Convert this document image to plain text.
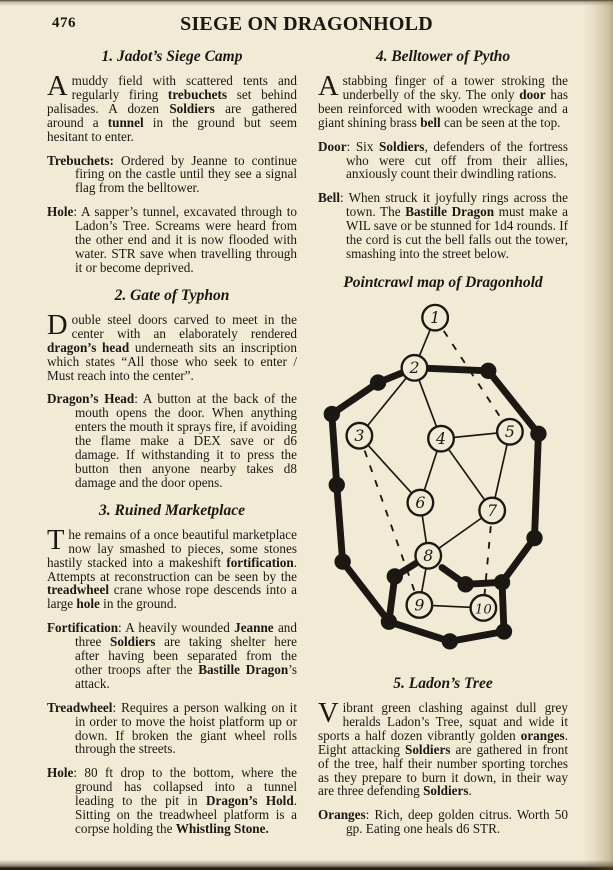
476	SIEGE ON DRAGONHOLD
1. Jadot’s Siege Camp

Amuddy field with scattered tents and regularly firing trebuchets set behind palisades. A dozen Soldiers are gathered around a tunnel in the ground but seem hesitant to enter.

Trebuchets: Ordered by Jeanne to continue firing on the castle until they see a signal flag from the belltower.

Hole: A sapper’s tunnel, excavated through to Ladon’s Tree. Screams were heard from the other end and it is now flooded with water. STR save when travelling through it or become deprived.

2. Gate of Typhon

Double steel doors carved to meet in the center with an elaborately rendered dragon’s head underneath sits an inscription which states “All those who seek to enter / Must reach into the center”.

Dragon’s Head: A button at the back of the mouth opens the door. When anything enters the mouth it sprays fire, if avoiding the flame make a DEX save or d6 damage. If withstanding it to press the button then anyone nearby takes d8 damage and the door opens.

3. Ruined Marketplace

The remains of a once beautiful marketplace now lay smashed to pieces, some stones hastily stacked into a makeshift fortification. Attempts at reconstruction can be seen by the treadwheel crane whose rope descends into a large hole in the ground.

Fortification: A heavily wounded Jeanne and three Soldiers are taking shelter here after having been separated from the other troops after the Bastille Dragon’s attack.

Treadwheel: Requires a person walking on it in order to move the hoist platform up or down. If broken the giant wheel rolls through the streets.

Hole: 80 ft drop to the bottom, where the ground has collapsed into a tunnel leading to the pit in Dragon’s Hold. Sitting on the treadwheel platform is a corpse holding the Whistling Stone.

4. Belltower of Pytho

Astabbing finger of a tower stroking the underbelly of the sky. The only door has been reinforced with wooden wreckage and a giant shining brass bell can be seen at the top.

Door: Six Soldiers, defenders of the fortress who were cut off from their allies, anxiously count their dwindling rations.

Bell: When struck it joyfully rings across the town. The Bastille Dragon must make a WIL save or be stunned for 1d4 rounds. If the cord is cut the bell falls out the tower, smashing into the street below.

Pointcrawl map of Dragonhold
1
2
3	4	5
6	7
8
9	10
5. Ladon’s Tree

Vibrant green clashing against dull grey heralds Ladon’s Tree, squat and wide it sports a half dozen vibrantly golden oranges. Eight attacking Soldiers are gathered in front of the tree, half their number sporting torches as they prepare to burn it down, in their way are three defending Soldiers.

Oranges: Rich, deep golden citrus. Worth 50 gp. Eating one heals d6 STR.
